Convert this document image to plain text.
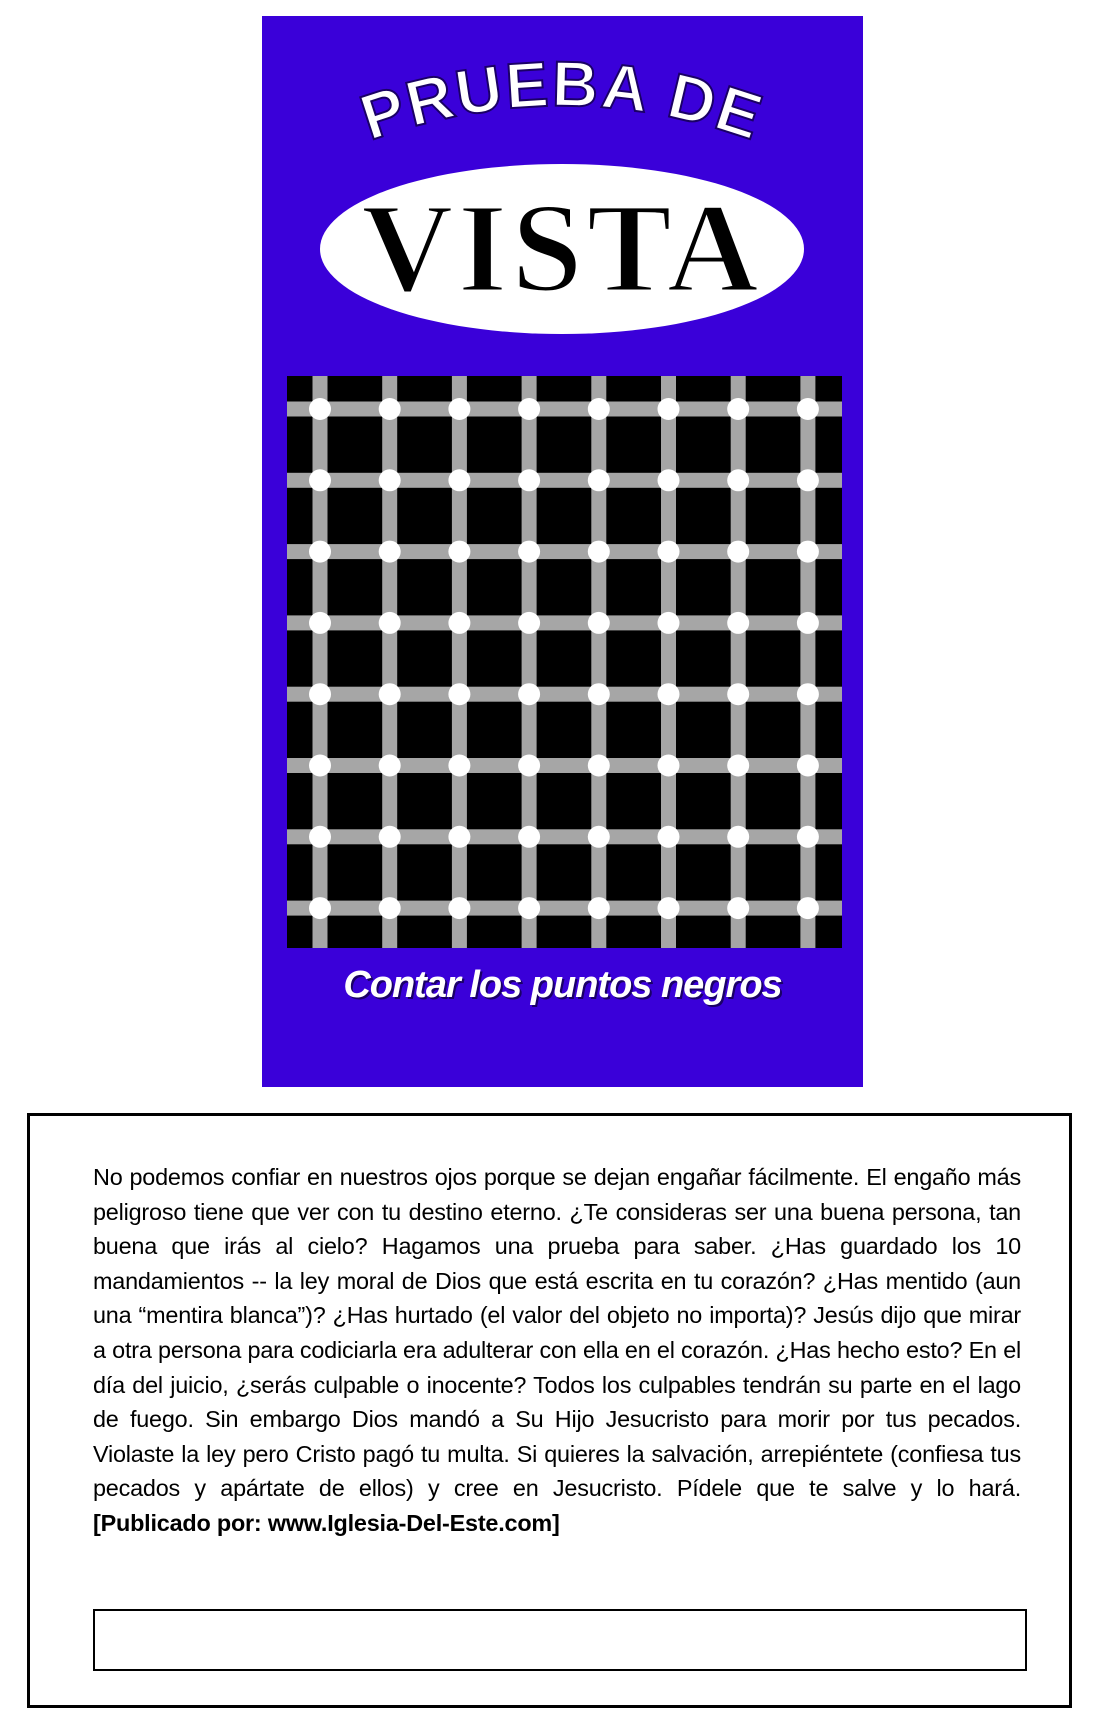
PRUEBA DE
VISTA
Contar los puntos negros

No podemos confiar en nuestros ojos porque se dejan engañar fácilmente. El engaño más peligroso tiene que ver con tu destino eterno. ¿Te consideras ser una buena persona, tan buena que irás al cielo? Hagamos una prueba para saber. ¿Has guardado los 10 mandamientos -- la ley moral de Dios que está escrita en tu corazón? ¿Has mentido (aun una “mentira blanca”)? ¿Has hurtado (el valor del objeto no importa)? Jesús dijo que mirar a otra persona para codiciarla era adulterar con ella en el corazón. ¿Has hecho esto? En el día del juicio, ¿serás culpable o inocente? Todos los culpables tendrán su parte en el lago de fuego. Sin embargo Dios mandó a Su Hijo Jesucristo para morir por tus pecados. Violaste la ley pero Cristo pagó tu multa. Si quieres la salvación, arrepiéntete (confiesa tus pecados y apártate de ellos) y cree en Jesucristo. Pídele que te salve y lo hará. [Publicado por: www.Iglesia-Del-Este.com]
